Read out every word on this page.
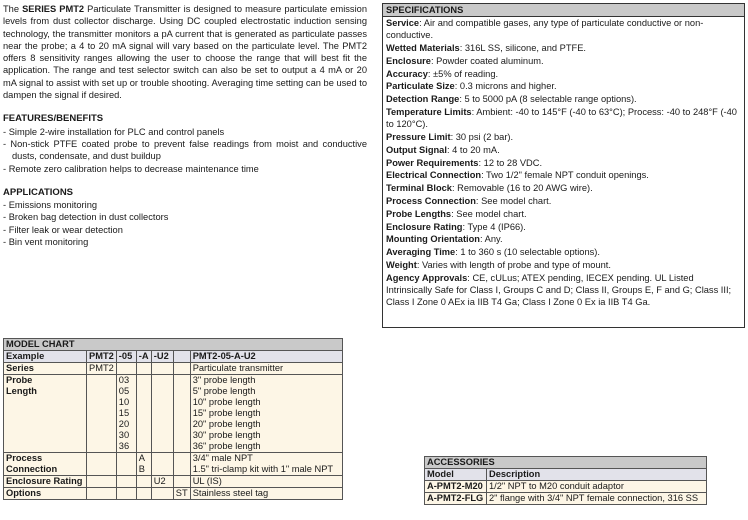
The SERIES PMT2 Particulate Transmitter is designed to measure particulate emission levels from dust collector discharge. Using DC coupled electrostatic induction sensing technology, the transmitter monitors a pA current that is generated as particulate passes near the probe; a 4 to 20 mA signal will vary based on the particulate level. The PMT2 offers 8 sensitivity ranges allowing the user to choose the range that will best fit the application. The range and test selector switch can also be set to output a 4 mA or 20 mA signal to assist with set up or trouble shooting. Averaging time setting can be used to dampen the signal if desired.
FEATURES/BENEFITS
- Simple 2-wire installation for PLC and control panels
- Non-stick PTFE coated probe to prevent false readings from moist and conductive dusts, condensate, and dust buildup
- Remote zero calibration helps to decrease maintenance time
APPLICATIONS
- Emissions monitoring
- Broken bag detection in dust collectors
- Filter leak or wear detection
- Bin vent monitoring
SPECIFICATIONS
Service: Air and compatible gases, any type of particulate conductive or non-conductive.
Wetted Materials: 316L SS, silicone, and PTFE.
Enclosure: Powder coated aluminum.
Accuracy: ±5% of reading.
Particulate Size: 0.3 microns and higher.
Detection Range: 5 to 5000 pA (8 selectable range options).
Temperature Limits: Ambient: -40 to 145°F (-40 to 63°C); Process: -40 to 248°F (-40 to 120°C).
Pressure Limit: 30 psi (2 bar).
Output Signal: 4 to 20 mA.
Power Requirements: 12 to 28 VDC.
Electrical Connection: Two 1/2" female NPT conduit openings.
Terminal Block: Removable (16 to 20 AWG wire).
Process Connection: See model chart.
Probe Lengths: See model chart.
Enclosure Rating: Type 4 (IP66).
Mounting Orientation: Any.
Averaging Time: 1 to 360 s (10 selectable options).
Weight: Varies with length of probe and type of mount.
Agency Approvals: CE, cULus; ATEX pending, IECEX pending. UL Listed Intrinsically Safe for Class I, Groups C and D; Class II, Groups E, F and G; Class III; Class I Zone 0 AEx ia IIB T4 Ga; Class I Zone 0 Ex ia IIB T4 Ga.
MODEL CHART						
Example	PMT2	-05	-A	-U2		PMT2-05-A-U2
Series	PMT2					Particulate transmitter
Probe		03				3" probe length
Length		05				5" probe length
		10				10" probe length
		15				15" probe length
		20				20" probe length
		30				30" probe length
		36				36" probe length
Process			A			3/4" male NPT
Connection			B			1.5" tri-clamp kit with 1" male NPT
Enclosure Rating				U2		UL (IS)
Options					ST	Stainless steel tag
ACCESSORIES	
Model	Description
A-PMT2-M20	1/2" NPT to M20 conduit adaptor
A-PMT2-FLG	2" flange with 3/4" NPT female connection, 316 SS
